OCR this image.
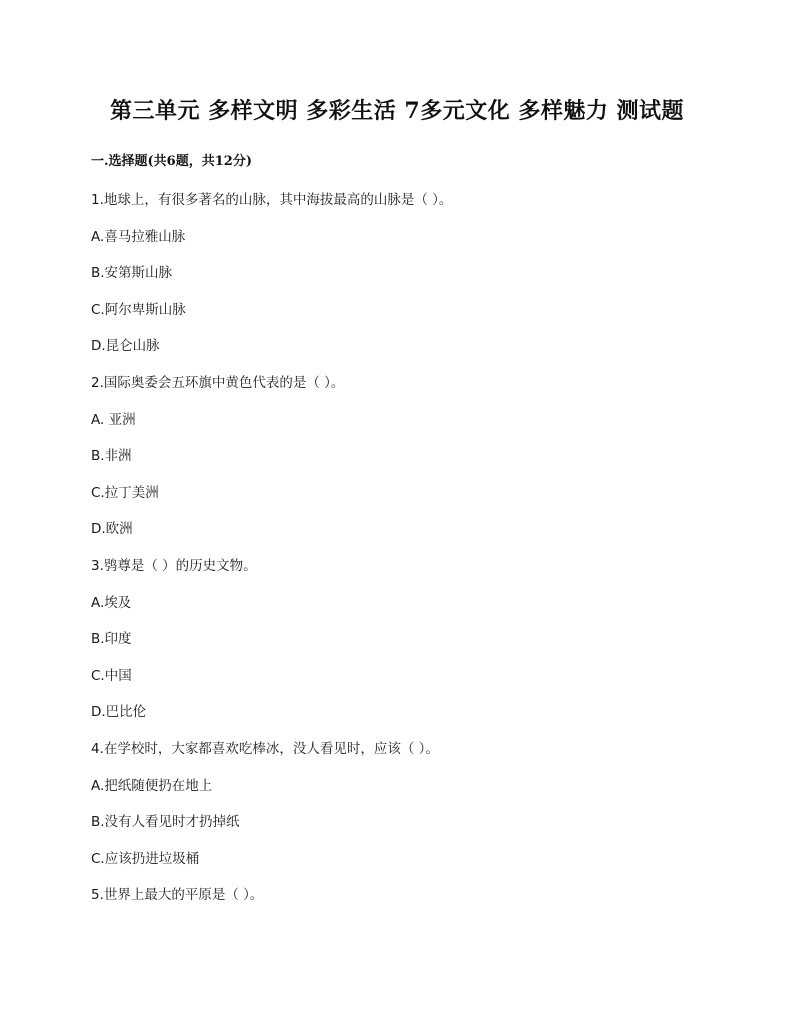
第三单元 多样文明 多彩生活 7多元文化 多样魅力 测试题
一.选择题(共6题，共12分)
1.地球上，有很多著名的山脉，其中海拔最高的山脉是（ ）。
A.喜马拉雅山脉
B.安第斯山脉
C.阿尔卑斯山脉
D.昆仑山脉
2.国际奥委会五环旗中黄色代表的是（ ）。
A. 亚洲
B.非洲
C.拉丁美洲
D.欧洲
3.鸮尊是（ ）的历史文物。
A.埃及
B.印度
C.中国
D.巴比伦
4.在学校时，大家都喜欢吃棒冰，没人看见时，应该（ ）。
A.把纸随便扔在地上
B.没有人看见时才扔掉纸
C.应该扔进垃圾桶
5.世界上最大的平原是（ ）。
